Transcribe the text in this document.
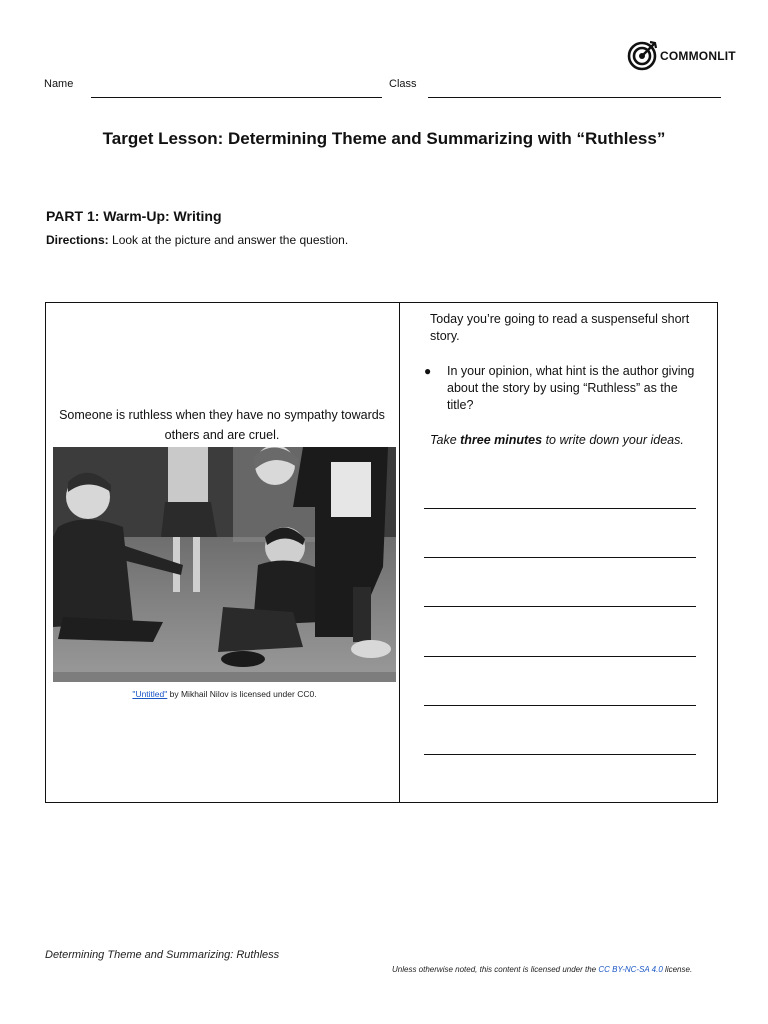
COMMONLIT
Name	Class
Target Lesson: Determining Theme and Summarizing with “Ruthless”
PART 1: Warm-Up: Writing
Directions: Look at the picture and answer the question.
Someone is ruthless when they have no sympathy towards others and are cruel.
"Untitled" by Mikhail Nilov is licensed under CC0.
Today you’re going to read a suspenseful short story.
● In your opinion, what hint is the author giving about the story by using “Ruthless” as the title?
Take three minutes to write down your ideas.
Determining Theme and Summarizing: Ruthless
Unless otherwise noted, this content is licensed under the CC BY-NC-SA 4.0 license.
